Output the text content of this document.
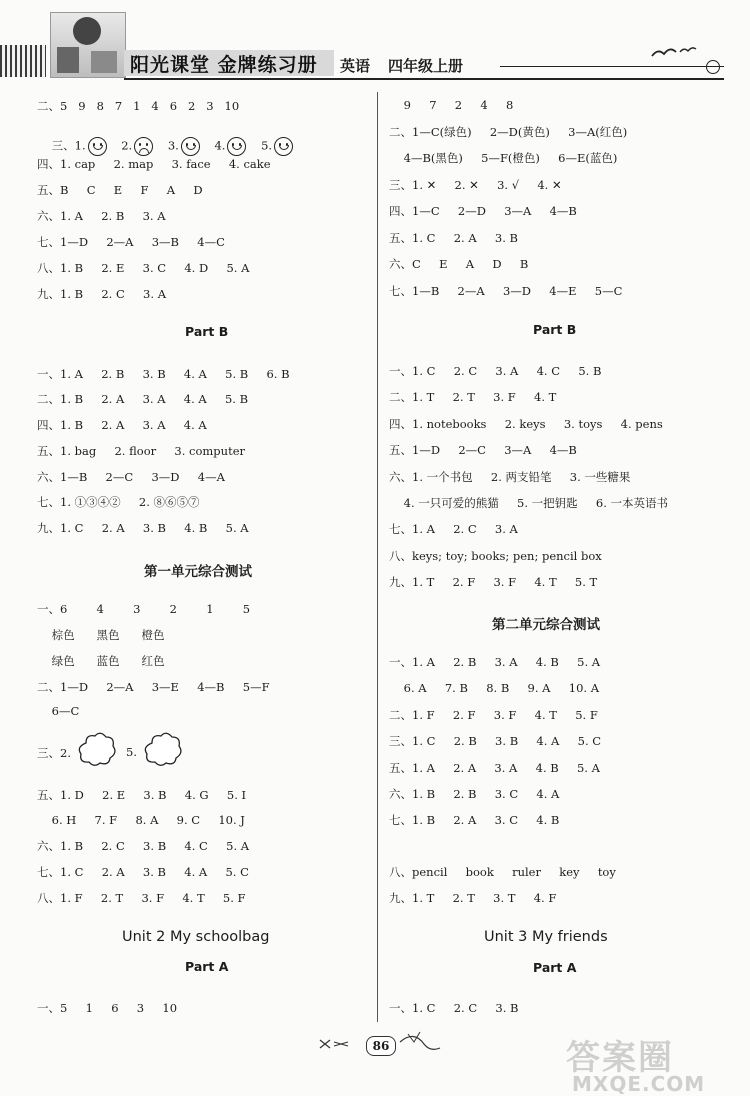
阳光课堂 金牌练习册 英语 四年级上册
二、5   9   8   7   1   4   6   2   3   10

三、1.	2.	3.	4.	5.

四、1. cap     2. map     3. face     4. cake
五、B     C     E     F     A     D
六、1. A     2. B     3. A
七、1—D     2—A     3—B     4—C
八、1. B     2. E     3. C     4. D     5. A
九、1. B     2. C     3. A
Part B
一、1. A     2. B     3. B     4. A     5. B     6. B
二、1. B     2. A     3. A     4. A     5. B
四、1. B     2. A     3. A     4. A
五、1. bag     2. floor     3. computer
六、1—B     2—C     3—D     4—A
七、1. ①③④②     2. ⑧⑥⑤⑦
九、1. C     2. A     3. B     4. B     5. A
第一单元综合测试
一、6        4        3        2        1        5
棕色      黑色      橙色
绿色      蓝色      红色
二、1—D     2—A     3—E     4—B     5—F
6—C
三、2.	5.
五、1. D     2. E     3. B     4. G     5. I
6. H     7. F     8. A     9. C     10. J
六、1. B     2. C     3. B     4. C     5. A
七、1. C     2. A     3. B     4. A     5. C
八、1. F     2. T     3. F     4. T     5. F
Unit 2 My schoolbag
Part A
一、5     1     6     3     10
9     7     2     4     8
二、1—C(绿色)     2—D(黄色)     3—A(红色)
4—B(黑色)     5—F(橙色)     6—E(蓝色)
三、1. ✕     2. ✕     3. √     4. ✕
四、1—C     2—D     3—A     4—B
五、1. C     2. A     3. B
六、C     E     A     D     B
七、1—B     2—A     3—D     4—E     5—C
Part B
一、1. C     2. C     3. A     4. C     5. B
二、1. T     2. T     3. F     4. T
四、1. notebooks     2. keys     3. toys     4. pens
五、1—D     2—C     3—A     4—B
六、1. 一个书包     2. 两支铅笔     3. 一些糖果
4. 一只可爱的熊猫     5. 一把钥匙     6. 一本英语书
七、1. A     2. C     3. A
八、keys; toy; books; pen; pencil box
九、1. T     2. F     3. F     4. T     5. T
第二单元综合测试
一、1. A     2. B     3. A     4. B     5. A
6. A     7. B     8. B     9. A     10. A
二、1. F     2. F     3. F     4. T     5. F
三、1. C     2. B     3. B     4. A     5. C
五、1. A     2. A     3. A     4. B     5. A
六、1. B     2. B     3. C     4. A
七、1. B     2. A     3. C     4. B
八、pencil     book     ruler     key     toy
九、1. T     2. T     3. T     4. F
Unit 3 My friends
Part A
一、1. C     2. C     3. B
86	答案圈
MXQE.COM
